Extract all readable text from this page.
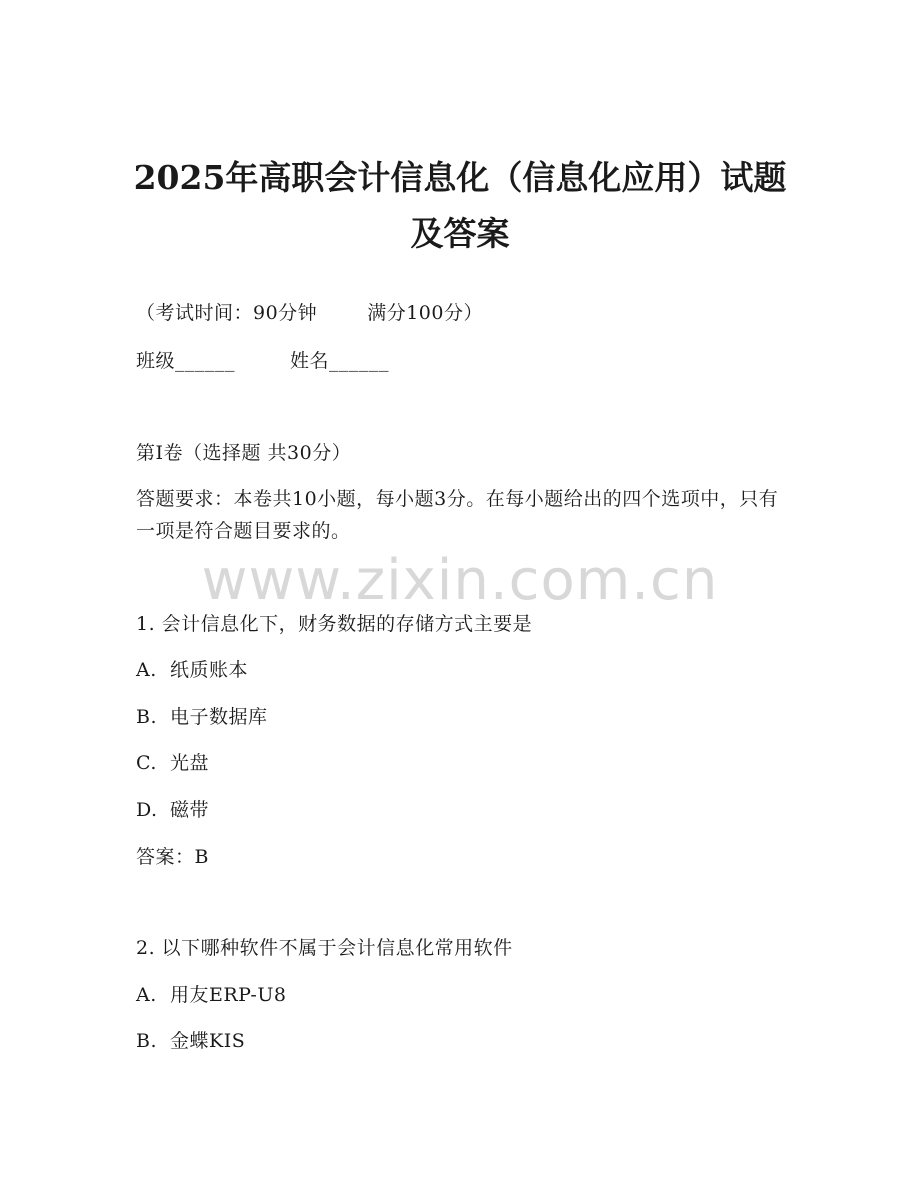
2025年高职会计信息化（信息化应用）试题
及答案
（考试时间：90分钟	满分100分）
班级______	姓名______
第I卷（选择题 共30分）
答题要求：本卷共10小题，每小题3分。在每小题给出的四个选项中，只有一项是符合题目要求的。
www.zixin.com.cn
1. 会计信息化下，财务数据的存储方式主要是
A. 纸质账本
B. 电子数据库
C. 光盘
D. 磁带
答案：B
2. 以下哪种软件不属于会计信息化常用软件
A. 用友ERP-U8
B. 金蝶KIS
